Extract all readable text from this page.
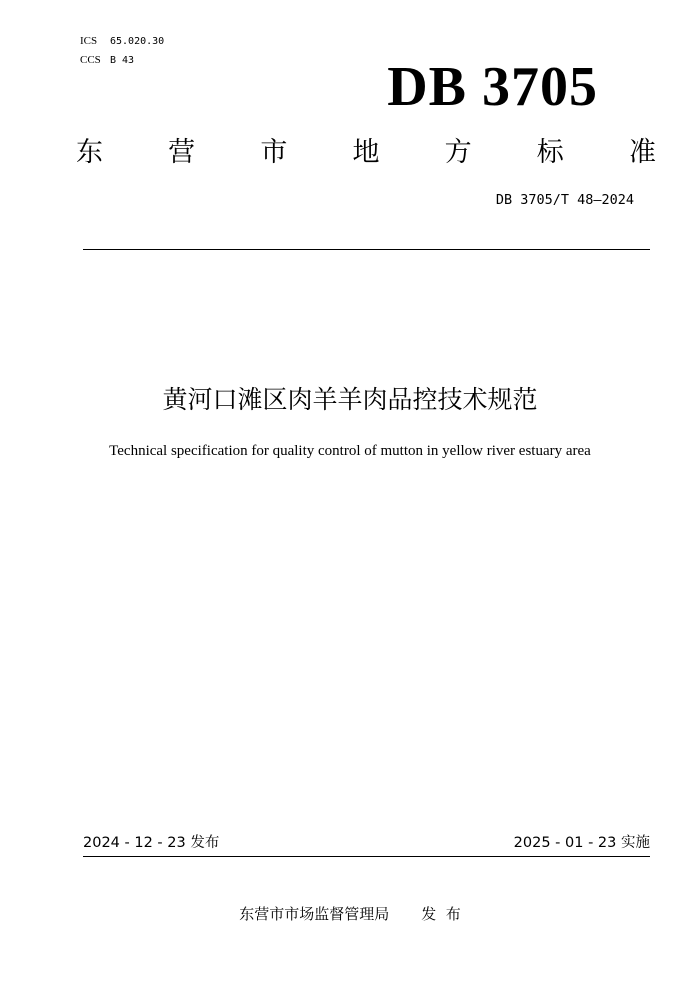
ICS 65.020.30
CCS B 43	DB 3705
东 营 市 地 方 标 准
DB 3705/T 48—2024
黄河口滩区肉羊羊肉品控技术规范
Technical specification for quality control of mutton in yellow river estuary area
2024 - 12 - 23 发布	2025 - 01 - 23 实施
东营市市场监督管理局 发  布
